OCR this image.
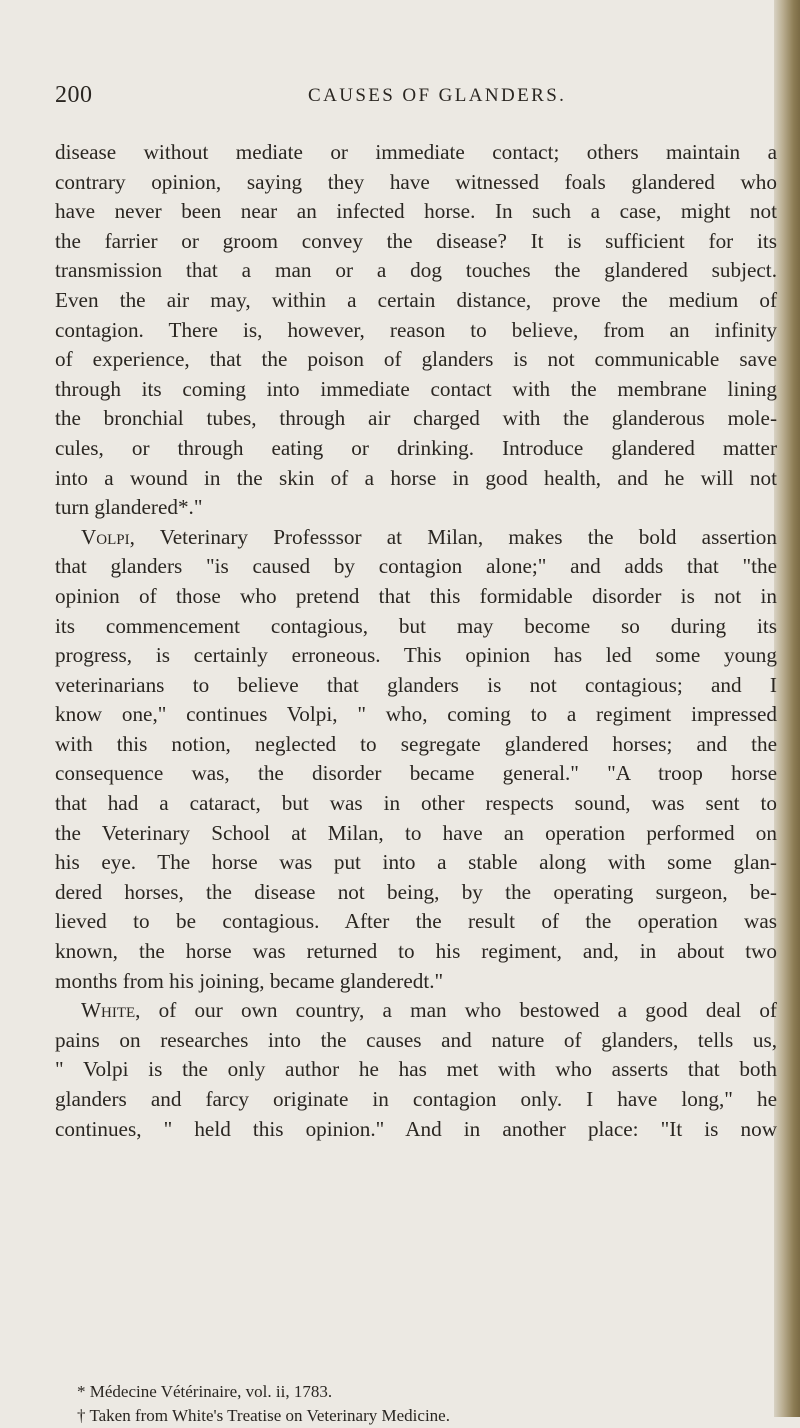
200	CAUSES OF GLANDERS.
disease without mediate or immediate contact; others maintain a
contrary opinion, saying they have witnessed foals glandered who
have never been near an infected horse. In such a case, might not
the farrier or groom convey the disease? It is sufficient for its
transmission that a man or a dog touches the glandered subject.
Even the air may, within a certain distance, prove the medium of
contagion. There is, however, reason to believe, from an infinity
of experience, that the poison of glanders is not communicable save
through its coming into immediate contact with the membrane lining
the bronchial tubes, through air charged with the glanderous mole-
cules, or through eating or drinking. Introduce glandered matter
into a wound in the skin of a horse in good health, and he will not
turn glandered*."
Volpi, Veterinary Professsor at Milan, makes the bold assertion
that glanders "is caused by contagion alone;" and adds that "the
opinion of those who pretend that this formidable disorder is not in
its commencement contagious, but may become so during its
progress, is certainly erroneous. This opinion has led some young
veterinarians to believe that glanders is not contagious; and I
know one," continues Volpi, " who, coming to a regiment impressed
with this notion, neglected to segregate glandered horses; and the
consequence was, the disorder became general." "A troop horse
that had a cataract, but was in other respects sound, was sent to
the Veterinary School at Milan, to have an operation performed on
his eye. The horse was put into a stable along with some glan-
dered horses, the disease not being, by the operating surgeon, be-
lieved to be contagious. After the result of the operation was
known, the horse was returned to his regiment, and, in about two
months from his joining, became glanderedt."
White, of our own country, a man who bestowed a good deal of
pains on researches into the causes and nature of glanders, tells us,
" Volpi is the only author he has met with who asserts that both
glanders and farcy originate in contagion only. I have long," he
continues, " held this opinion." And in another place: "It is now
* Médecine Vétérinaire, vol. ii, 1783.
† Taken from White's Treatise on Veterinary Medicine.
